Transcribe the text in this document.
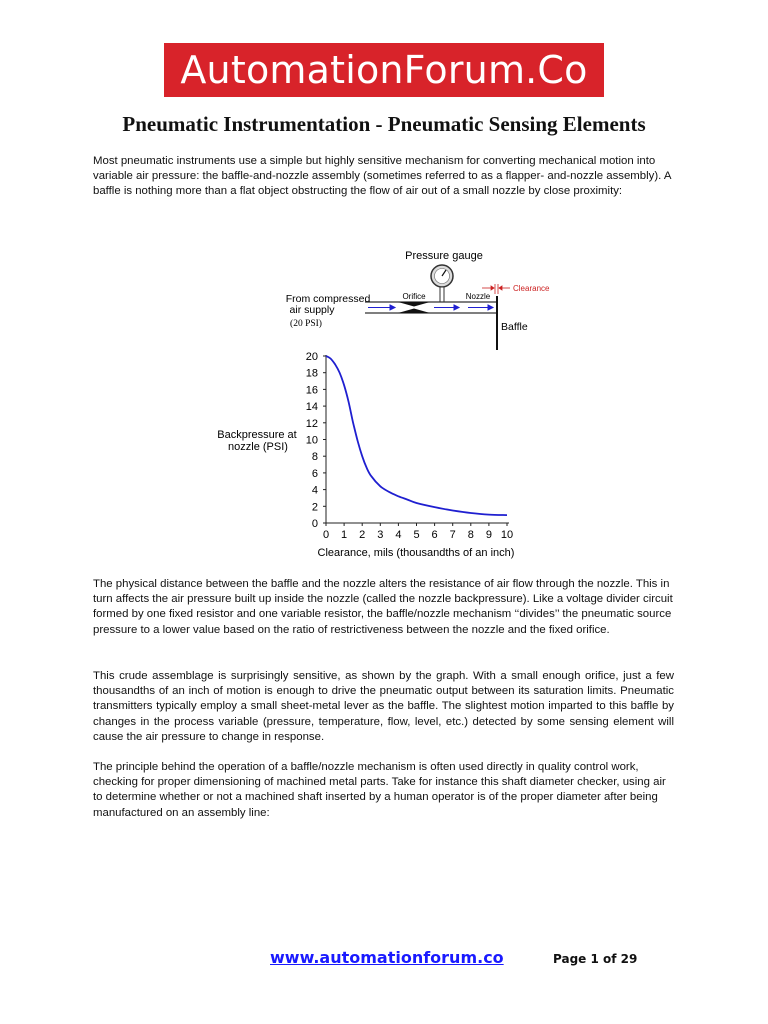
AutomationForum.Co
Pneumatic Instrumentation - Pneumatic Sensing Elements
Most pneumatic instruments use a simple but highly sensitive mechanism for converting mechanical motion into variable air pressure: the baffle-and-nozzle assembly (sometimes referred to as a flapper- and-nozzle assembly). A baffle is nothing more than a flat object obstructing the flow of air out of a small nozzle by close proximity:
Pressure gauge
From compressed
air supply
(20 PSI)
Orifice	Nozzle
Clearance
Baffle
0
2
4
6
8
10
12
14
16
18
20
0 1 2 3 4 5 6 7 8 9 10
Backpressure at
nozzle (PSI)
Clearance, mils (thousandths of an inch)
The physical distance between the baffle and the nozzle alters the resistance of air flow through the nozzle. This in turn affects the air pressure built up inside the nozzle (called the nozzle backpressure). Like a voltage divider circuit formed by one fixed resistor and one variable resistor, the baffle/nozzle mechanism ‘‘divides’’ the pneumatic source pressure to a lower value based on the ratio of restrictiveness between the nozzle and the fixed orifice.
This crude assemblage is surprisingly sensitive, as shown by the graph. With a small enough orifice, just a few thousandths of an inch of motion is enough to drive the pneumatic output between its saturation limits. Pneumatic transmitters typically employ a small sheet-metal lever as the baffle. The slightest motion imparted to this baffle by changes in the process variable (pressure, temperature, flow, level, etc.) detected by some sensing element will cause the air pressure to change in response.
The principle behind the operation of a baffle/nozzle mechanism is often used directly in quality control work, checking for proper dimensioning of machined metal parts. Take for instance this shaft diameter checker, using air to determine whether or not a machined shaft inserted by a human operator is of the proper diameter after being manufactured on an assembly line:
www.automationforum.co	Page 1 of 29
